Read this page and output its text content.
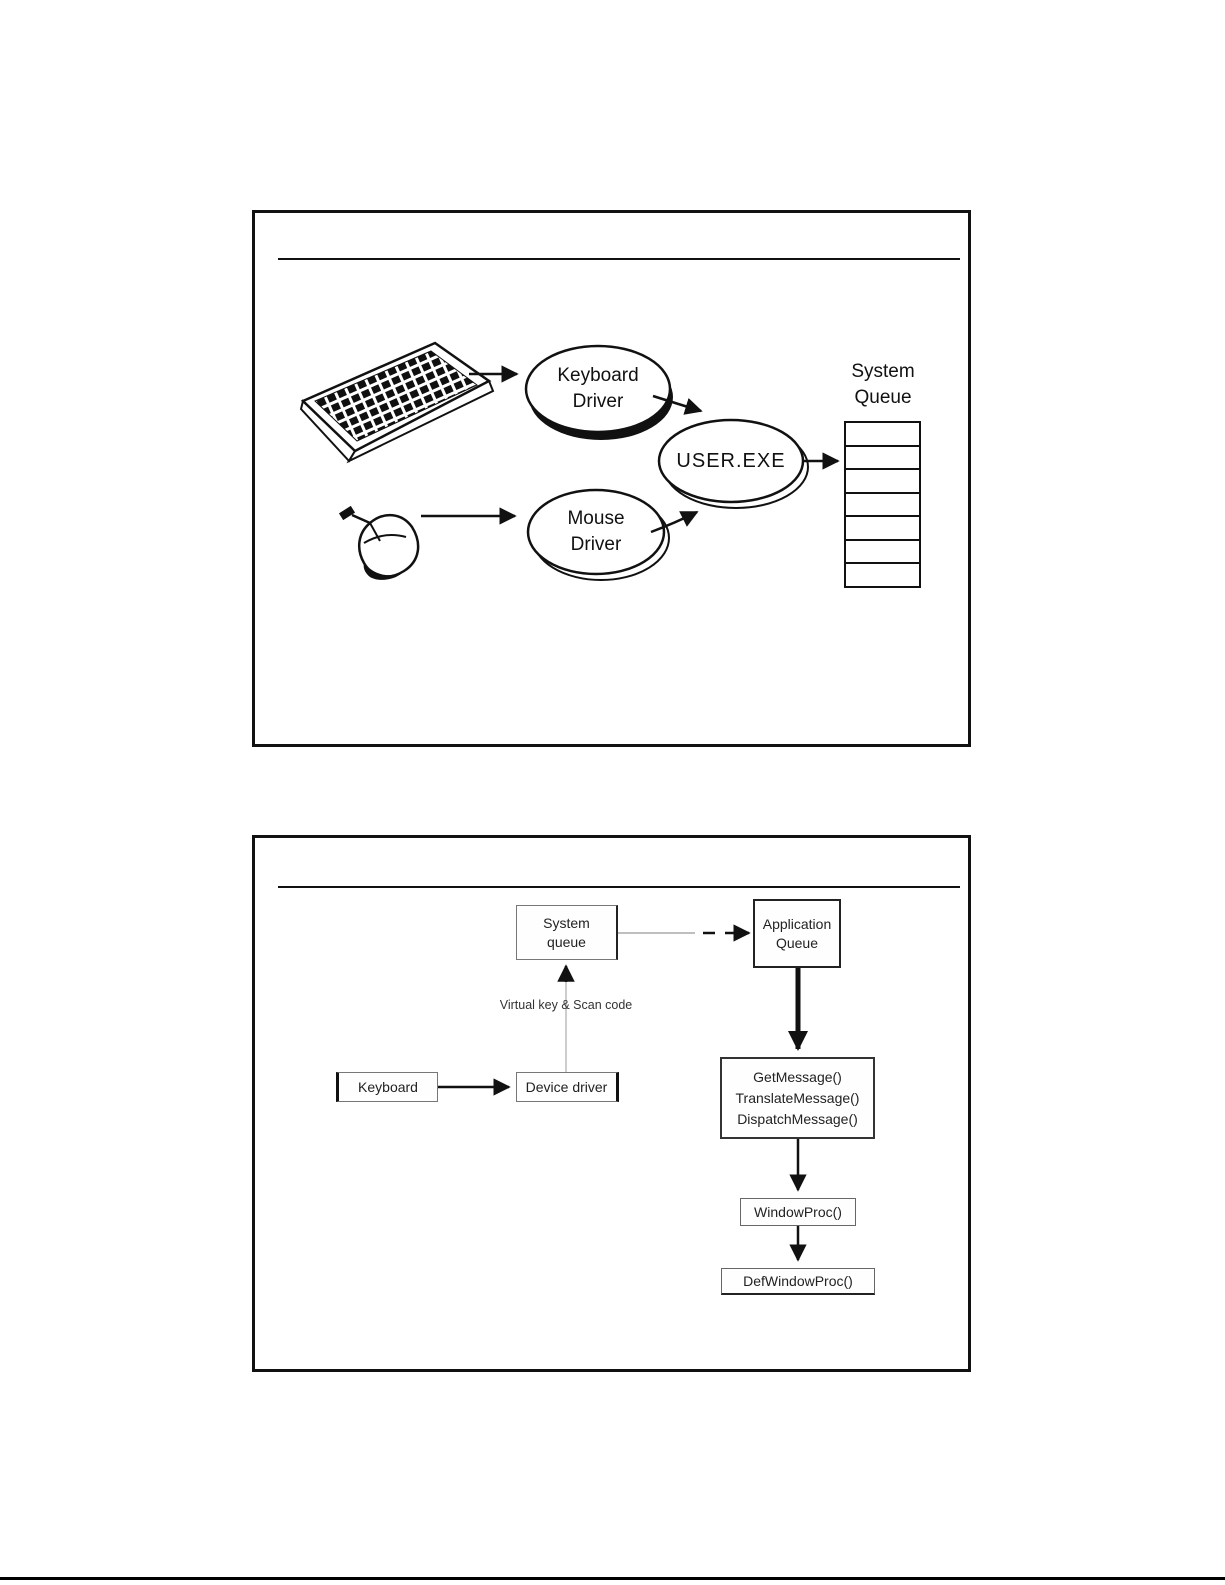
Keyboard
Driver
Mouse
Driver
USER.EXE
System
Queue
System
queue
Application
Queue
Virtual key & Scan code
Keyboard	Device driver
GetMessage()
TranslateMessage()
DispatchMessage()
WindowProc()
DefWindowProc()
